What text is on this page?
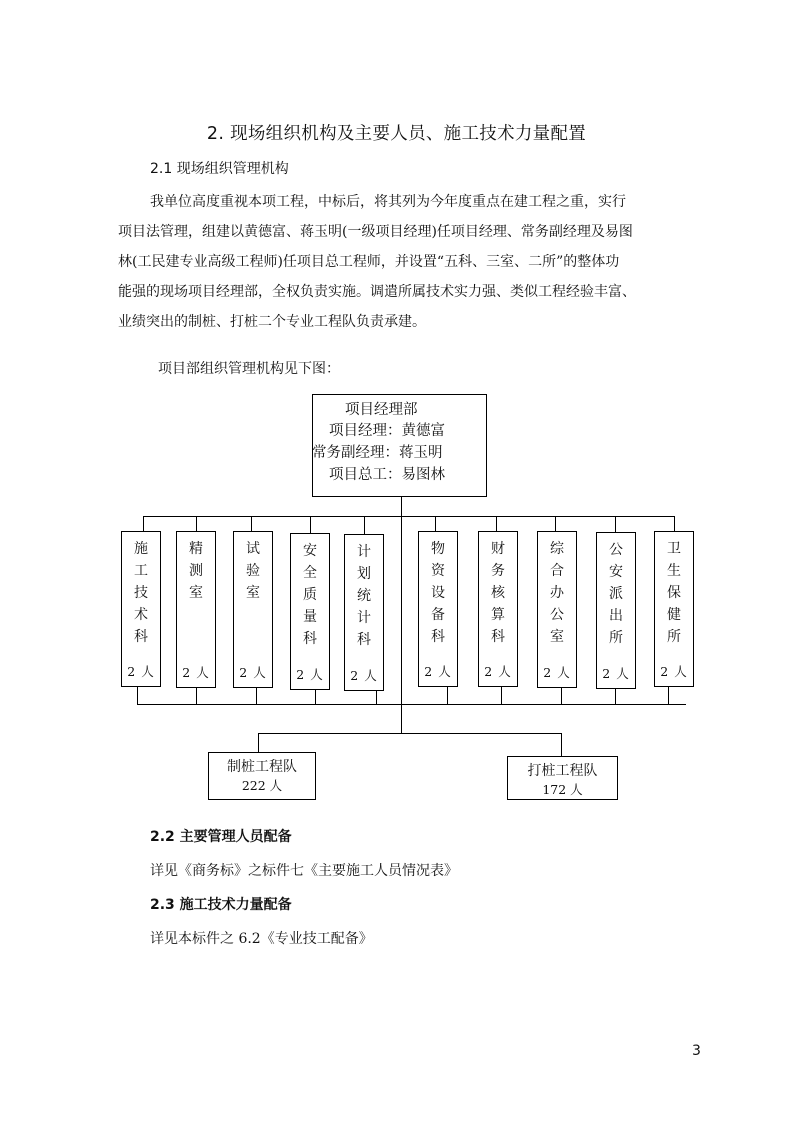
2. 现场组织机构及主要人员、施工技术力量配置
2.1 现场组织管理机构
我单位高度重视本项工程，中标后，将其列为今年度重点在建工程之重，实行
项目法管理，组建以黄德富、蒋玉明(一级项目经理)任项目经理、常务副经理及易图
林(工民建专业高级工程师)任项目总工程师，并设置“五科、三室、二所”的整体功
能强的现场项目经理部，全权负责实施。调遣所属技术实力强、类似工程经验丰富、
业绩突出的制桩、打桩二个专业工程队负责承建。
项目部组织管理机构见下图：
项目经理部
项目经理：黄德富
常务副经理：蒋玉明
项目总工：易图林
施
工
技
术
科
2 人
精
测
室
2 人
试
验
室
2 人
安
全
质
量
科
2 人
计
划
统
计
科
2 人
物
资
设
备
科
2 人
财
务
核
算
科
2 人
综
合
办
公
室
2 人
公
安
派
出
所
2 人
卫
生
保
健
所
2 人
制桩工程队
222 人
打桩工程队
172 人
2.2 主要管理人员配备
详见《商务标》之标件七《主要施工人员情况表》
2.3 施工技术力量配备
详见本标件之 6.2《专业技工配备》
3
